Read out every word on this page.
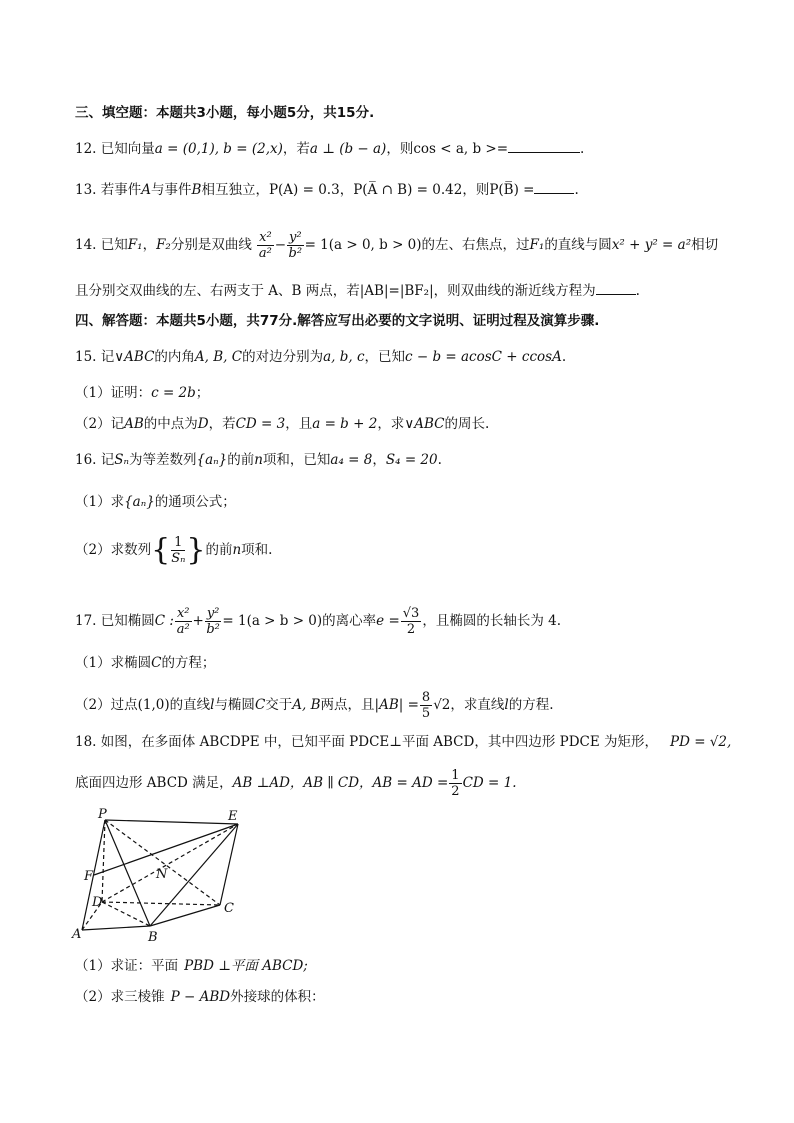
三、填空题：本题共3小题，每小题5分，共15分.
12. 已知向量a = (0,1), b = (2,x)，若a ⊥ (b − a)，则cos < a, b >=	.
13. 若事件A与事件B相互独立，P(A) = 0.3，P(A̅ ∩ B) = 0.42，则P(B̅) =	.
14. 已知F₁，F₂分别是双曲线 $\frac{\text{x²}}{\text{a²}} - \frac{\text{y²}}{\text{b²}} = 1(a > 0$, b > 0)的左、右焦点，过F₁的直线与圆x² + y² = a²相切
且分别交双曲线的左、右两支于 A、B 两点，若|AB|=|BF₂|，则双曲线的渐近线方程为	.
四、解答题：本题共5小题，共77分.解答应写出必要的文字说明、证明过程及演算步骤.
15. 记∨ABC的内角A, B, C的对边分别为a, b, c，已知c − b = acosC + ccosA.
（1）证明：c = 2b；
（2）记AB的中点为D，若CD = 3，且a = b + 2，求∨ABC的周长.
16. 记Sₙ为等差数列{aₙ}的前n项和，已知a₄ = 8，S₄ = 20.
（1）求{aₙ}的通项公式；
（2）求数列{ $\frac{1}{\text{Sₙ}}$ }的前n项和.
17. 已知椭圆C : $\frac{\text{x²}}{\text{a²}} + \frac{\text{y²}}{\text{b²}} = 1(a > b > 0)$的离心率$e = \frac{√3}{2}$ ，且椭圆的长轴长为 4.
（1）求椭圆C的方程；
（2）过点(1,0)的直线l与椭圆C交于A, B两点，且$|AB| = \frac{8}{5} √2$，求直线l的方程.
18. 如图，在多面体 ABCDPE 中，已知平面 PDCE⊥平面 ABCD，其中四边形 PDCE 为矩形， PD = √2,
底面四边形 ABCD 满足，AB ⊥AD，AB ∥ CD，AB = AD = $\frac{1}{2}$ CD = 1.
P	E
F	N
D	C
A	B
（1）求证：平面 PBD ⊥平面 ABCD;
（2）求三棱锥 P − ABD外接球的体积：
